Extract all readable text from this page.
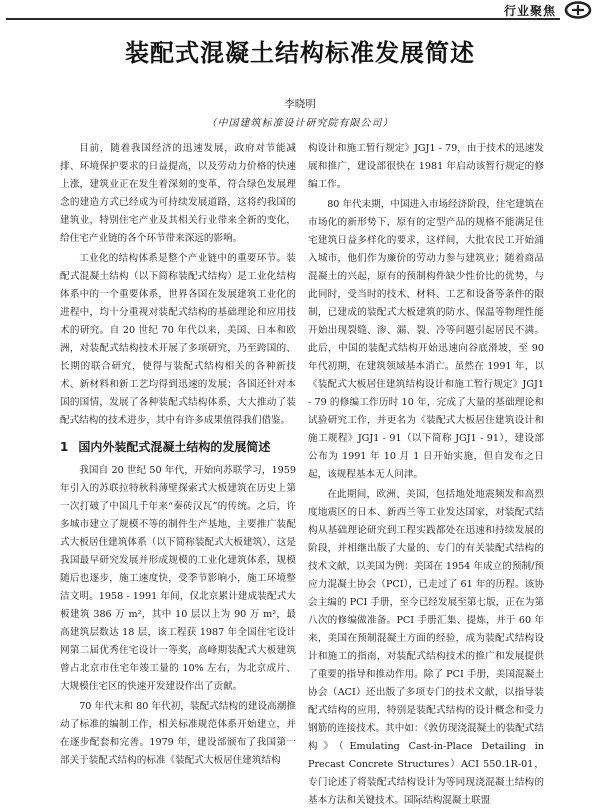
行业聚焦
装配式混凝土结构标准发展简述
李晓明
（中国建筑标准设计研究院有限公司）

目前，随着我国经济的迅速发展，政府对节能减排、环境保护要求的日益提高，以及劳动力价格的快速上涨，建筑业正在发生着深刻的变革，符合绿色发展理念的建造方式已经成为可持续发展道路，这将约我国的建筑业，特别住宅产业及其相关行业带来全新的变化，给住宅产业链的各个环节带来深远的影响。

工业化的结构体系是整个产业链中的重要环节。装配式混凝土结构（以下简称装配式结构）是工业化结构体系中的一个重要体系，世界各国在发展建筑工业化的进程中，均十分重视对装配式结构的基础理论和应用技术的研究。自 20 世纪 70 年代以来，美国、日本和欧洲，对装配式结构技术开展了多项研究，乃至跨国的、长期的联合研究，使得与装配式结构相关的各种新技术、新材料和新工艺均得到迅速的发展；各国还针对本国的国情，发展了各种装配式结构体系，大大推动了装配式结构的技术进步，其中有许多成果值得我们借鉴。

1 国内外装配式混凝土结构的发展简述

我国自 20 世纪 50 年代，开始向苏联学习，1959 年引入的苏联拉特秋科薄壁探索式大板建筑在历史上第一次打破了中国几千年来“秦砖汉瓦”的传统。之后，许多城市建立了规模不等的制件生产基地，主要推广装配式大板居住建筑体系（以下简称装配式大板建筑），这是我国最早研究发展并形成规模的工业化建筑体系，规模随后也逐步，施工速度快，受季节影响小，施工环境整洁文明。1958 - 1991 年间，仅北京累计建成装配式大板建筑 386 万 m²，其中 10 层以上为 90 万 m²，最高建筑层数达 18 层，该工程获 1987 年全国住宅设计网第二届优秀住宅设计一等奖，高峰期装配式大板建筑曾占北京市住宅年竣工量的 10% 左右，为北京成片、大规模住宅区的快速开发建设作出了贡献。

70 年代末和 80 年代初，装配式结构的建设高潮推动了标准的编制工作，相关标准规范体系开始建立，并在逐步配套和完善。1979 年，建设部颁布了我国第一部关于装配式结构的标准《装配式大板居住建筑结构

构设计和施工暂行规定》JGJ1 - 79，由于技术的迅速发展和推广，建设部很快在 1981 年启动该暂行规定的修编工作。

80 年代末期，中国进入市场经济阶段，住宅建筑在市场化的新形势下，原有的定型产品的规格不能满足住宅建筑日益多样化的要求，这样间，大批农民工开始涌入城市，他们作为廉价的劳动力参与建筑业；随着商品混凝土的兴起，原有的预制构件缺少性价比的优势，与此同时，受当时的技术、材料、工艺和设备等条件的限制，已建成的装配式大板建筑的防水、保温等物理性能开始出现裂缝、渗、漏、裂、冷等问题引起居民不满。此后，中国的装配式结构开始迅速向谷底滑坡，至 90 年代初期，在建筑领域基本消亡。虽然在 1991 年，以《装配式大板居住建筑结构设计和施工暂行规定》JGJ1 - 79 的修编工作历时 10 年，完成了大量的基础理论和试验研究工作，并更名为《装配式大板居住建筑设计和施工规程》JGJ1 - 91（以下简称 JGJ1 - 91），建设部公布为 1991 年 10 月 1 日开始实施，但自发布之日起，该规程基本无人问津。

在此期间，欧洲、美国，包括地处地震频发和高烈度地震区的日本、新西兰等工业发达国家，对装配式结构从基础理论研究到工程实践都处在迅速和持续发展的阶段，并相继出版了大量的、专门的有关装配式结构的技术文献，以美国为例：美国在 1954 年成立的预制/预应力混凝土协会（PCI），已走过了 61 年的历程。该协会主编的 PCI 手册，至今已经发展至第七版，正在为第八次的修编做准备。PCI 手册汇集、提炼，并于 60 年来，美国在预制混凝土方面的经验，成为装配式结构设计和施工的指南，对装配式结构技术的推广和发展提供了重要的指导和推动作用。除了 PCI 手册，美国混凝土协会（ACI）还出版了多项专门的技术文献，以指导装配式结构的应用，特别是装配式结构的设计概念和受力钢筋的连接技术。其中如：《敦仿现浇混凝土的装配式结构》（Emulating Cast-in-Place Detailing in Precast Concrete Structures）ACI 550.1R-01，专门论述了将装配式结构设计为等同现浇混凝土结构的基本方法和关键技术。国际结构混凝土联盟
